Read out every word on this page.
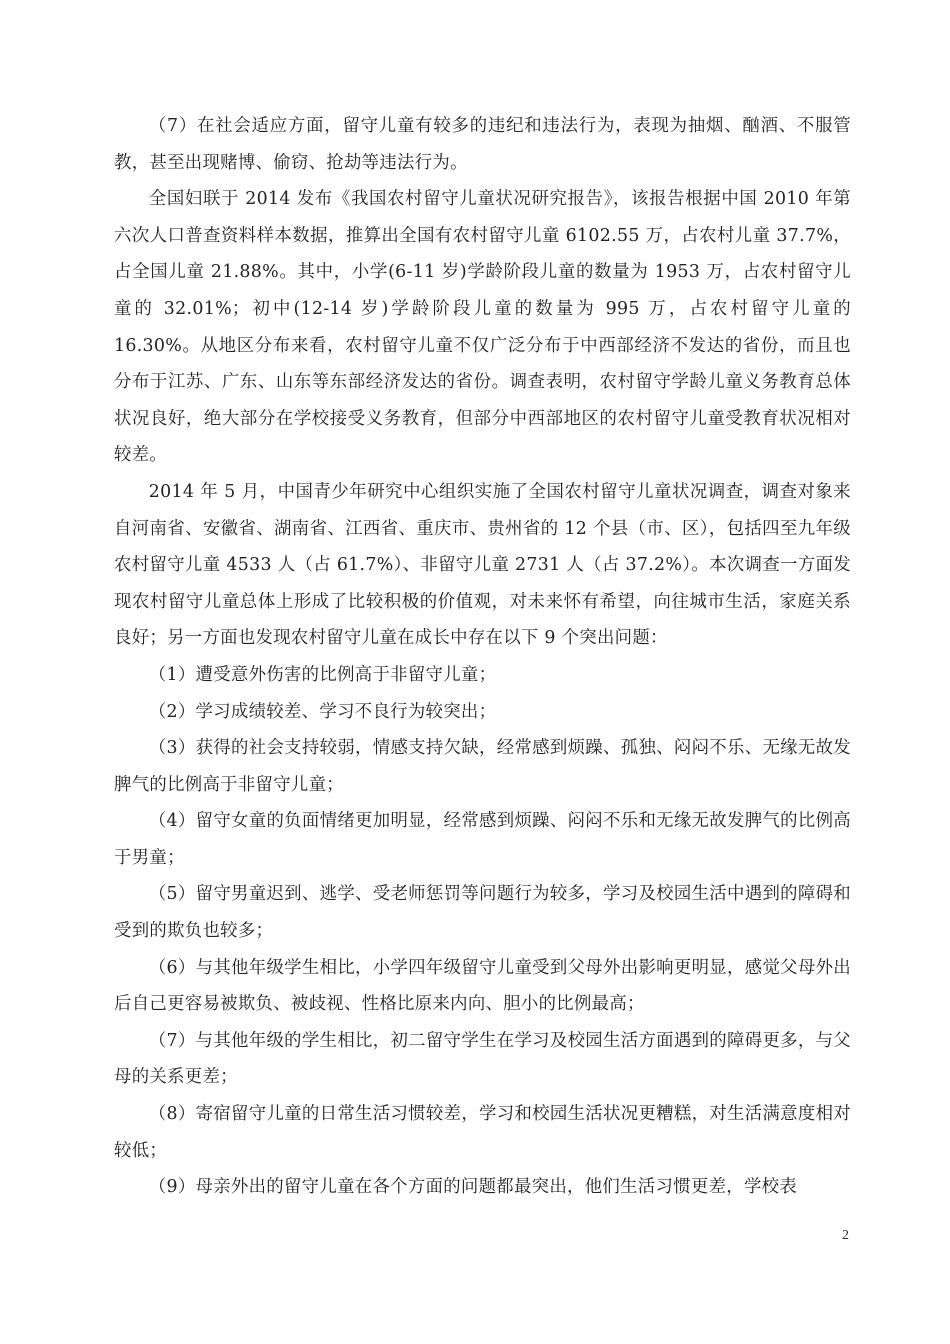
（7）在社会适应方面，留守儿童有较多的违纪和违法行为，表现为抽烟、酗酒、不服管教，甚至出现赌博、偷窃、抢劫等违法行为。

全国妇联于 2014 发布《我国农村留守儿童状况研究报告》，该报告根据中国 2010 年第六次人口普查资料样本数据，推算出全国有农村留守儿童 6102.55 万，占农村儿童 37.7%，占全国儿童 21.88%。其中，小学(6-11 岁)学龄阶段儿童的数量为 1953 万，占农村留守儿童的 32.01%；初中(12-14 岁)学龄阶段儿童的数量为 995 万，占农村留守儿童的 16.30%。从地区分布来看，农村留守儿童不仅广泛分布于中西部经济不发达的省份，而且也分布于江苏、广东、山东等东部经济发达的省份。调查表明，农村留守学龄儿童义务教育总体状况良好，绝大部分在学校接受义务教育，但部分中西部地区的农村留守儿童受教育状况相对较差。

2014 年 5 月，中国青少年研究中心组织实施了全国农村留守儿童状况调查，调查对象来自河南省、安徽省、湖南省、江西省、重庆市、贵州省的 12 个县（市、区），包括四至九年级农村留守儿童 4533 人（占 61.7%）、非留守儿童 2731 人（占 37.2%）。本次调查一方面发现农村留守儿童总体上形成了比较积极的价值观，对未来怀有希望，向往城市生活，家庭关系良好；另一方面也发现农村留守儿童在成长中存在以下 9 个突出问题：

（1）遭受意外伤害的比例高于非留守儿童；

（2）学习成绩较差、学习不良行为较突出；

（3）获得的社会支持较弱，情感支持欠缺，经常感到烦躁、孤独、闷闷不乐、无缘无故发脾气的比例高于非留守儿童；

（4）留守女童的负面情绪更加明显，经常感到烦躁、闷闷不乐和无缘无故发脾气的比例高于男童；

（5）留守男童迟到、逃学、受老师惩罚等问题行为较多，学习及校园生活中遇到的障碍和受到的欺负也较多；

（6）与其他年级学生相比，小学四年级留守儿童受到父母外出影响更明显，感觉父母外出后自己更容易被欺负、被歧视、性格比原来内向、胆小的比例最高；

（7）与其他年级的学生相比，初二留守学生在学习及校园生活方面遇到的障碍更多，与父母的关系更差；

（8）寄宿留守儿童的日常生活习惯较差，学习和校园生活状况更糟糕，对生活满意度相对较低；

（9）母亲外出的留守儿童在各个方面的问题都最突出，他们生活习惯更差，学校表

2
